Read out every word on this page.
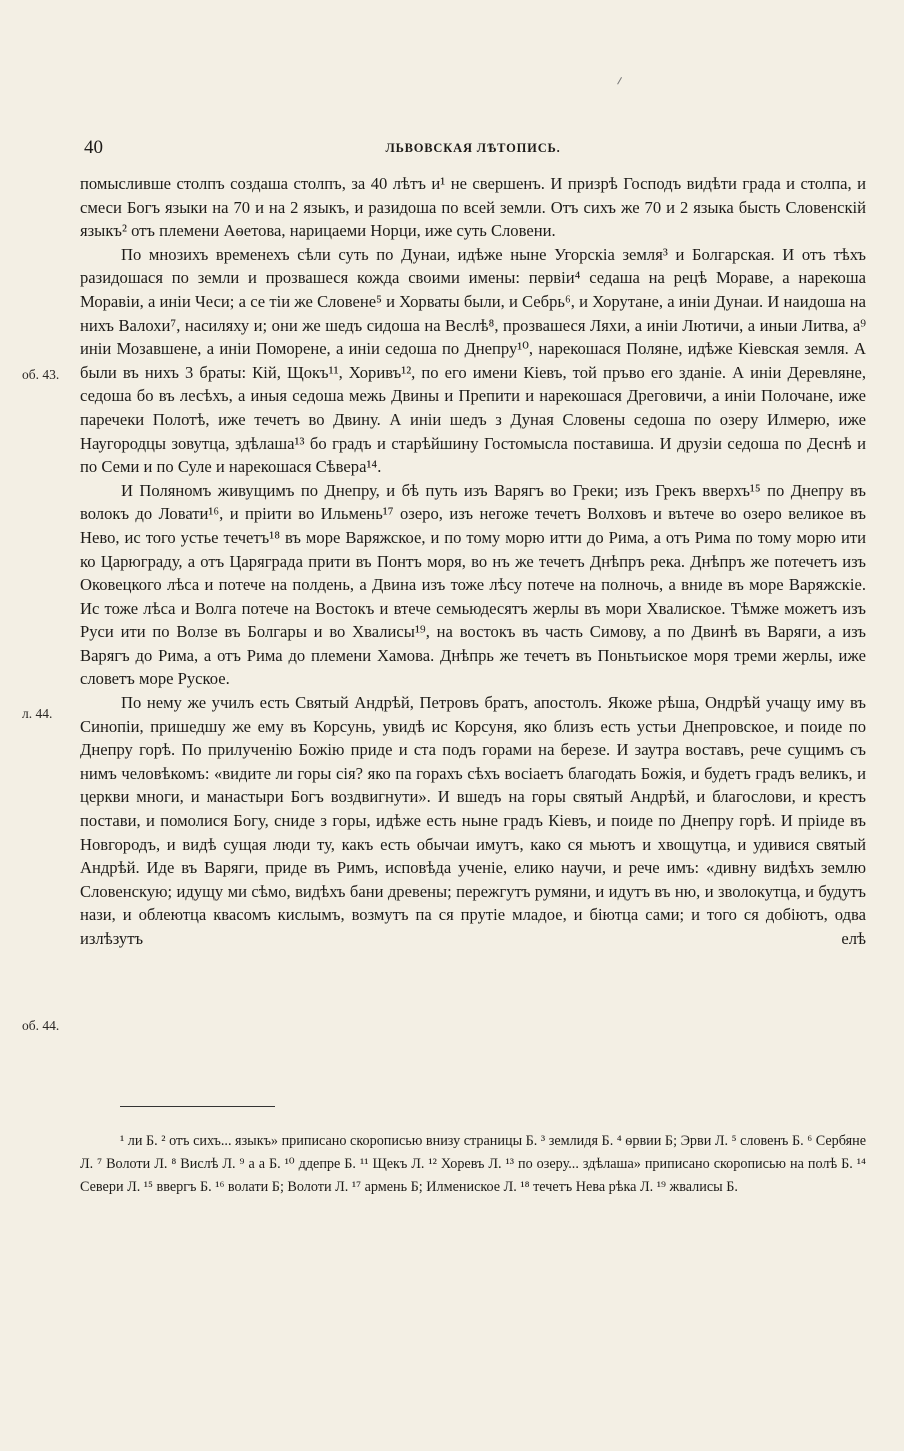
40	ЛЬВОВСКАЯ ЛѢТОПИСЬ.
об. 43.
л. 44.
об. 44.

помысливше столпъ создаша столпъ, за 40 лѣтъ и¹ не свершенъ. И призрѣ Господъ видѣти града и столпа, и смеси Богъ языки на 70 и на 2 языкъ, и разидоша по всей земли. Отъ сихъ же 70 и 2 языка бысть Словенскій языкъ² отъ племени Аѳетова, нарицаеми Норци, иже суть Словени.

По мнозихъ временехъ сѣли суть по Дунаи, идѣже ныне Угорскіа земля³ и Болгарская. И отъ тѣхъ разидошася по земли и прозвашеся кожда своими имены: первіи⁴ седаша на рецѣ Мораве, а нарекоша Моравіи, а иніи Чеси; а се тіи же Словене⁵ и Хорваты были, и Себрь⁶, и Хорутане, а иніи Дунаи. И наидоша на нихъ Валохи⁷, насиляху и; они же шедъ сидоша на Веслѣ⁸, прозвашеся Ляхи, а иніи Лютичи, а иныи Литва, а⁹ иніи Мозавшене, а иніи Поморене, а иніи седоша по Днепру¹⁰, нарекошася Поляне, идѣже Кіевская земля. А были въ нихъ 3 браты: Кій, Щокъ¹¹, Хоривъ¹², по его имени Кіевъ, той пръво его зданіе. А иніи Деревляне, седоша бо въ лесѣхъ, а иныя седоша межь Двины и Препити и нарекошася Дреговичи, а иніи Полочане, иже паречеки Полотѣ, иже течетъ во Двину. А иніи шедъ з Дуная Словены седоша по озеру Илмерю, иже Наугородцы зовутца, здѣлаша¹³ бо градъ и старѣйшину Гостомысла поставиша. И друзіи седоша по Деснѣ и по Семи и по Суле и нарекошася Сѣвера¹⁴.

И Поляномъ живущимъ по Днепру, и бѣ путь изъ Варягъ во Греки; изъ Грекъ вверхъ¹⁵ по Днепру въ волокъ до Ловати¹⁶, и пріити во Ильмень¹⁷ озеро, изъ негоже течетъ Волховъ и вътече во озеро великое въ Нево, ис того устье течетъ¹⁸ въ море Варяжское, и по тому морю итти до Рима, а отъ Рима по тому морю ити ко Царюграду, а отъ Царяграда прити въ Понтъ моря, во нъ же течетъ Днѣпръ река. Днѣпръ же потечетъ изъ Оковецкого лѣса и потече на полдень, а Двина изъ тоже лѣсу потече на полночь, а вниде въ море Варяжскіе. Ис тоже лѣса и Волга потече на Востокъ и втече семьюдесятъ жерлы въ мори Хвалиское. Тѣмже можетъ изъ Руси ити по Волзе въ Болгары и во Хвалисы¹⁹, на востокъ въ часть Симову, а по Двинѣ въ Варяги, а изъ Варягъ до Рима, а отъ Рима до племени Хамова. Днѣпрь же течетъ въ Поньтьиское моря треми жерлы, иже словетъ море Руское.

По нему же училъ есть Святый Андрѣй, Петровъ братъ, апостолъ. Якоже рѣша, Ондрѣй учащу иму въ Синопіи, пришедшу же ему въ Корсунь, увидѣ ис Корсуня, яко близъ есть устьи Днепровское, и поиде по Днепру горѣ. По прилученію Божію приде и ста подъ горами на березе. И заутра воставъ, рече сущимъ съ нимъ человѣкомъ: «видите ли горы сія? яко па горахъ сѣхъ восіаетъ благодать Божія, и будетъ градъ великъ, и церкви многи, и манастыри Богъ воздвигнути». И вшедъ на горы святый Андрѣй, и благослови, и крестъ постави, и помолися Богу, сниде з горы, идѣже есть ныне градъ Кіевъ, и поиде по Днепру горѣ. И пріиде въ Новгородъ, и видѣ сущая люди ту, какъ есть обычаи имутъ, како ся мьютъ и хвощутца, и удивися святый Андрѣй. Иде въ Варяги, приде въ Римъ, исповѣда ученіе, елико научи, и рече имъ: «дивну видѣхъ землю Словенскую; идущу ми сѣмо, видѣхъ бани древены; пережгутъ румяни, и идутъ въ ню, и зволокутца, и будутъ нази, и облеютца квасомъ кислымъ, возмутъ па ся прутіе младое, и біютца сами; и того ся добіютъ, одва излѣзутъ елѣ

¹ ли Б. ² отъ сихъ... языкъ» приписано скорописью внизу страницы Б. ³ землидя Б. ⁴ ѳрвии Б; Эрви Л. ⁵ словенъ Б. ⁶ Сербяне Л. ⁷ Волоти Л. ⁸ Вислѣ Л. ⁹ а а Б. ¹⁰ ддепре Б. ¹¹ Щекъ Л. ¹² Хоревъ Л. ¹³ по озеру... здѣлаша» приписано скорописью на полѣ Б. ¹⁴ Севери Л. ¹⁵ ввергъ Б. ¹⁶ волати Б; Волоти Л. ¹⁷ армень Б; Илмениское Л. ¹⁸ течетъ Нева рѣка Л. ¹⁹ жвалисы Б.
